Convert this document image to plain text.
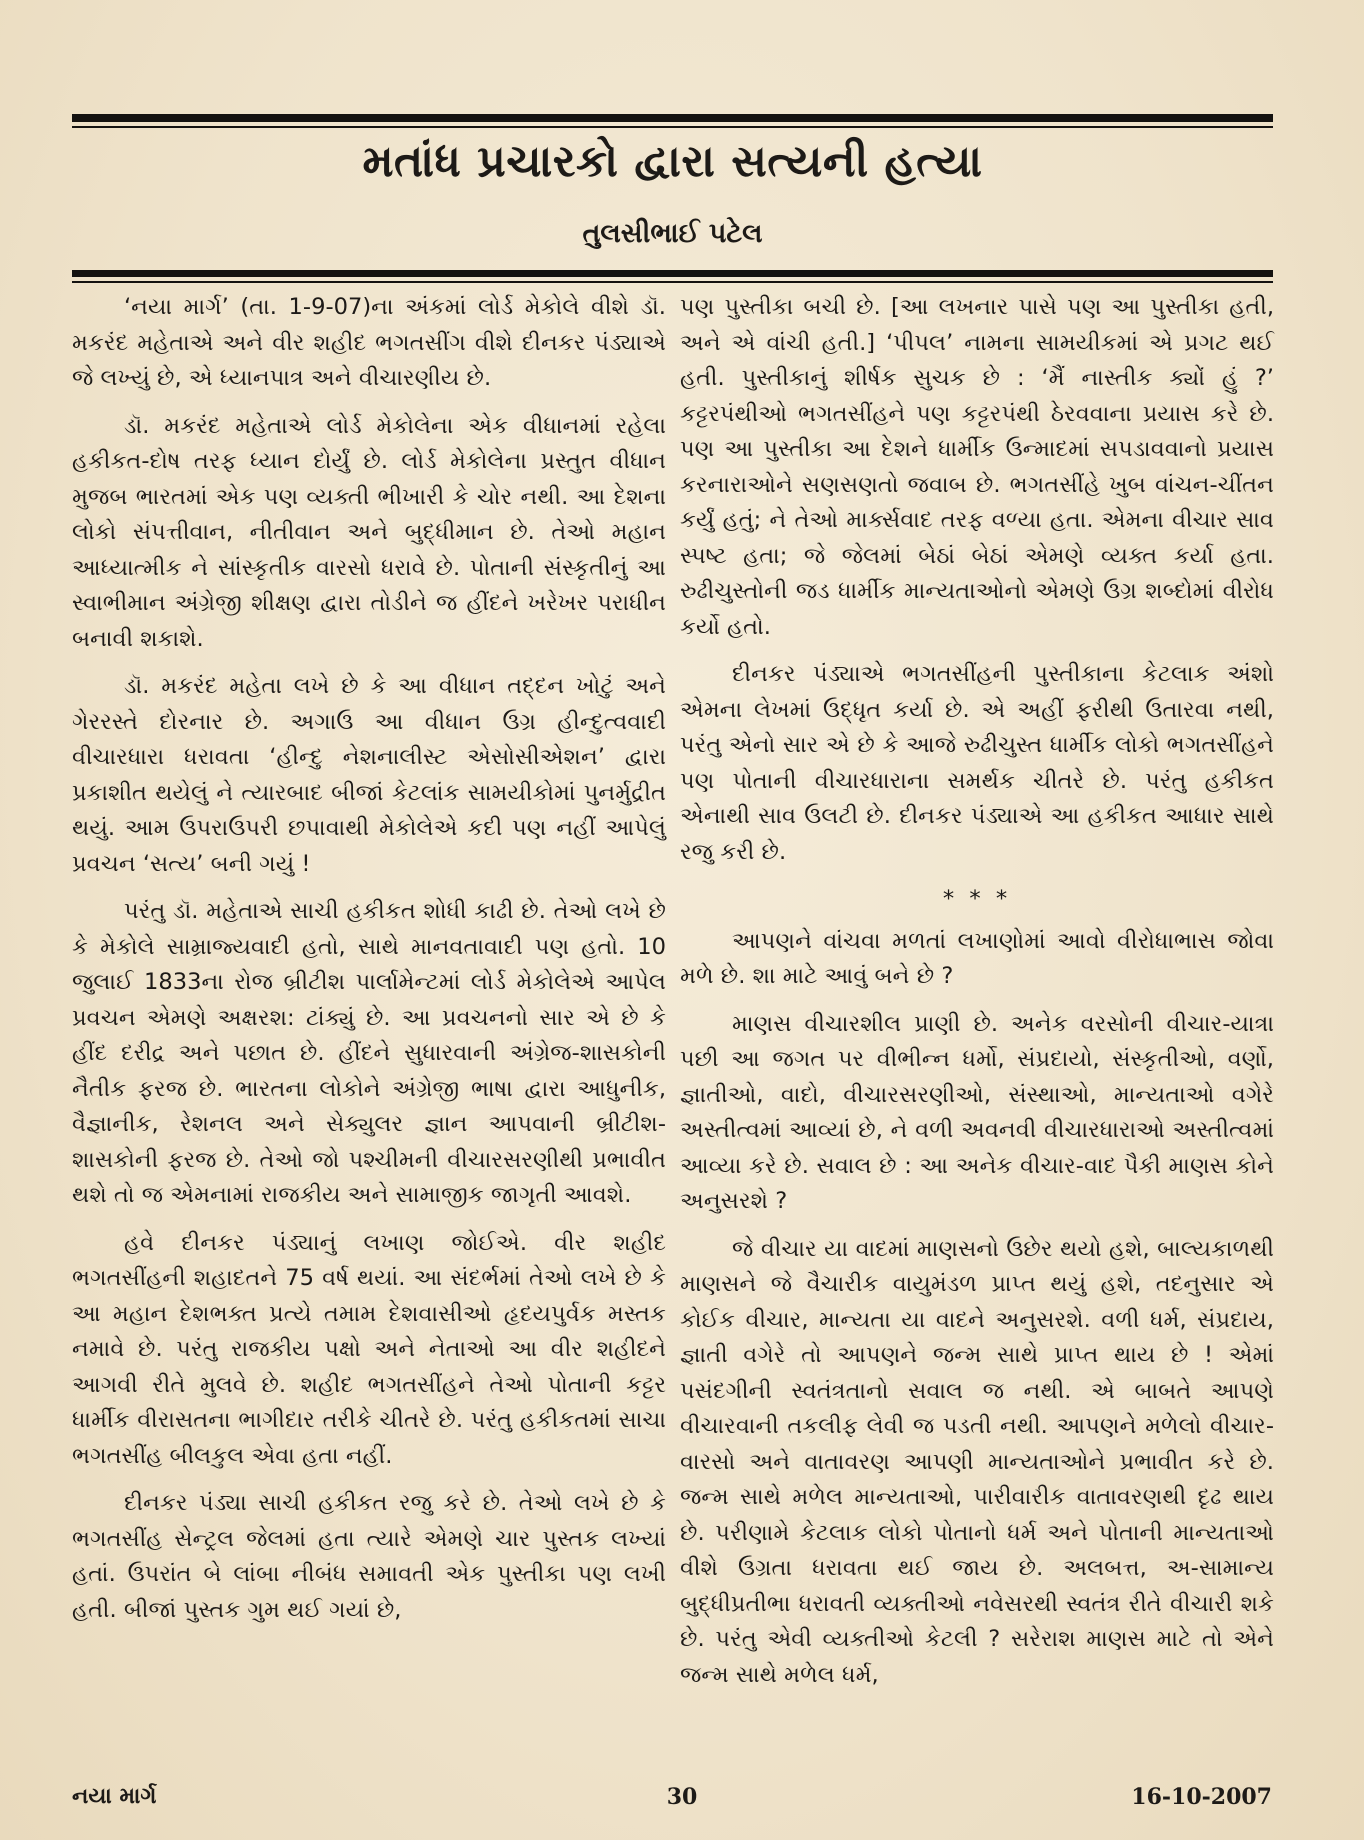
મતાંધ પ્રચારકો દ્વારા સત્યની હત્યા
તુલસીભાઈ પટેલ

‘નયા માર્ગ’ (તા. 1-9-07)ના અંકમાં લોર્ડ મેકોલે વીશે ડૉ. મકરંદ મહેતાએ અને વીર શહીદ ભગતસીંગ વીશે દીનકર પંડ્યાએ જે લખ્યું છે, એ ધ્યાનપાત્ર અને વીચારણીય છે.

ડૉ. મકરંદ મહેતાએ લોર્ડ મેકોલેના એક વીધાનમાં રહેલા હકીકત-દોષ તરફ ધ્યાન દોર્યું છે. લોર્ડ મેકોલેના પ્રસ્તુત વીધાન મુજબ ભારતમાં એક પણ વ્યક્તી ભીખારી કે ચોર નથી. આ દેશના લોકો સંપત્તીવાન, નીતીવાન અને બુદ્ધીમાન છે. તેઓ મહાન આધ્યાત્મીક ને સાંસ્કૃતીક વારસો ધરાવે છે. પોતાની સંસ્કૃતીનું આ સ્વાભીમાન અંગ્રેજી શીક્ષણ દ્વારા તોડીને જ હીંદને ખરેખર પરાધીન બનાવી શકાશે.

ડૉ. મકરંદ મહેતા લખે છે કે આ વીધાન તદ્દન ખોટું અને ગેરરસ્તે દોરનાર છે. અગાઉ આ વીધાન ઉગ્ર હીન્દુત્વવાદી વીચારધારા ધરાવતા ‘હીન્દુ નેશનાલીસ્ટ એસોસીએશન’ દ્વારા પ્રકાશીત થયેલું ને ત્યારબાદ બીજાં કેટલાંક સામયીકોમાં પુનર્મુદ્રીત થયું. આમ ઉપરાઉપરી છપાવાથી મેકોલેએ કદી પણ નહીં આપેલું પ્રવચન ‘સત્ય’ બની ગયું !

પરંતુ ડૉ. મહેતાએ સાચી હકીકત શોધી કાઢી છે. તેઓ લખે છે કે મેકોલે સામ્રાજ્યવાદી હતો, સાથે માનવતાવાદી પણ હતો. 10 જુલાઈ 1833ના રોજ બ્રીટીશ પાર્લામેન્ટમાં લોર્ડ મેકોલેએ આપેલ પ્રવચન એમણે અક્ષરશ: ટાંક્યું છે. આ પ્રવચનનો સાર એ છે કે હીંદ દરીદ્ર અને પછાત છે. હીંદને સુધારવાની અંગ્રેજ-શાસકોની નૈતીક ફરજ છે. ભારતના લોકોને અંગ્રેજી ભાષા દ્વારા આધુનીક, વૈજ્ઞાનીક, રેશનલ અને સેક્યુલર જ્ઞાન આપવાની બ્રીટીશ-શાસકોની ફરજ છે. તેઓ જો પશ્ચીમની વીચારસરણીથી પ્રભાવીત થશે તો જ એમનામાં રાજકીય અને સામાજીક જાગૃતી આવશે.

હવે દીનકર પંડ્યાનું લખાણ જોઈએ. વીર શહીદ ભગતસીંહની શહાદતને 75 વર્ષ થયાં. આ સંદર્ભમાં તેઓ લખે છે કે આ મહાન દેશભક્ત પ્રત્યે તમામ દેશવાસીઓ હૃદયપુર્વક મસ્તક નમાવે છે. પરંતુ રાજકીય પક્ષો અને નેતાઓ આ વીર શહીદને આગવી રીતે મુલવે છે. શહીદ ભગતસીંહને તેઓ પોતાની કટ્ટર ધાર્મીક વીરાસતના ભાગીદાર તરીકે ચીતરે છે. પરંતુ હકીકતમાં સાચા ભગતસીંહ બીલકુલ એવા હતા નહીં.

દીનકર પંડ્યા સાચી હકીકત રજુ કરે છે. તેઓ લખે છે કે ભગતસીંહ સેન્ટ્રલ જેલમાં હતા ત્યારે એમણે ચાર પુસ્તક લખ્યાં હતાં. ઉપરાંત બે લાંબા નીબંધ સમાવતી એક પુસ્તીકા પણ લખી હતી. બીજાં પુસ્તક ગુમ થઈ ગયાં છે,

પણ પુસ્તીકા બચી છે. [આ લખનાર પાસે પણ આ પુસ્તીકા હતી, અને એ વાંચી હતી.] ‘પીપલ’ નામના સામયીકમાં એ પ્રગટ થઈ હતી. પુસ્તીકાનું શીર્ષક સુચક છે : ‘મૈં નાસ્તીક ક્યોં હું ?’ કટ્ટરપંથીઓ ભગતસીંહને પણ કટ્ટરપંથી ઠેરવવાના પ્રયાસ કરે છે. પણ આ પુસ્તીકા આ દેશને ધાર્મીક ઉન્માદમાં સપડાવવાનો પ્રયાસ કરનારાઓને સણસણતો જવાબ છે. ભગતસીંહે ખુબ વાંચન-ચીંતન કર્યું હતું; ને તેઓ માર્ક્સવાદ તરફ વળ્યા હતા. એમના વીચાર સાવ સ્પષ્ટ હતા; જે જેલમાં બેઠાં બેઠાં એમણે વ્યક્ત કર્યા હતા. રુઢીચુસ્તોની જડ ધાર્મીક માન્યતાઓનો એમણે ઉગ્ર શબ્દોમાં વીરોધ કર્યો હતો.

દીનકર પંડ્યાએ ભગતસીંહની પુસ્તીકાના કેટલાક અંશો એમના લેખમાં ઉદ્ધૃત કર્યા છે. એ અહીં ફરીથી ઉતારવા નથી, પરંતુ એનો સાર એ છે કે આજે રુઢીચુસ્ત ધાર્મીક લોકો ભગતસીંહને પણ પોતાની વીચારધારાના સમર્થક ચીતરે છે. પરંતુ હકીકત એનાથી સાવ ઉલટી છે. દીનકર પંડ્યાએ આ હકીકત આધાર સાથે રજુ કરી છે.

* * *

આપણને વાંચવા મળતાં લખાણોમાં આવો વીરોધાભાસ જોવા મળે છે. શા માટે આવું બને છે ?

માણસ વીચારશીલ પ્રાણી છે. અનેક વરસોની વીચાર-યાત્રા પછી આ જગત પર વીભીન્ન ધર્મો, સંપ્રદાયો, સંસ્કૃતીઓ, વર્ણો, જ્ઞાતીઓ, વાદો, વીચારસરણીઓ, સંસ્થાઓ, માન્યતાઓ વગેરે અસ્તીત્વમાં આવ્યાં છે, ને વળી અવનવી વીચારધારાઓ અસ્તીત્વમાં આવ્યા કરે છે. સવાલ છે : આ અનેક વીચાર-વાદ પૈકી માણસ કોને અનુસરશે ?

જે વીચાર યા વાદમાં માણસનો ઉછેર થયો હશે, બાલ્યકાળથી માણસને જે વૈચારીક વાયુમંડળ પ્રાપ્ત થયું હશે, તદનુસાર એ કોઈક વીચાર, માન્યતા યા વાદને અનુસરશે. વળી ધર્મ, સંપ્રદાય, જ્ઞાતી વગેરે તો આપણને જન્મ સાથે પ્રાપ્ત થાય છે ! એમાં પસંદગીની સ્વતંત્રતાનો સવાલ જ નથી. એ બાબતે આપણે વીચારવાની તકલીફ લેવી જ પડતી નથી. આપણને મળેલો વીચાર-વારસો અને વાતાવરણ આપણી માન્યતાઓને પ્રભાવીત કરે છે. જન્મ સાથે મળેલ માન્યતાઓ, પારીવારીક વાતાવરણથી દૃઢ થાય છે. પરીણામે કેટલાક લોકો પોતાનો ધર્મ અને પોતાની માન્યતાઓ વીશે ઉગ્રતા ધરાવતા થઈ જાય છે. અલબત્ત, અ-સામાન્ય બુદ્ધીપ્રતીભા ધરાવતી વ્યક્તીઓ નવેસરથી સ્વતંત્ર રીતે વીચારી શકે છે. પરંતુ એવી વ્યક્તીઓ કેટલી ? સરેરાશ માણસ માટે તો એને જન્મ સાથે મળેલ ધર્મ,

નયા માર્ગ	30	16-10-2007
